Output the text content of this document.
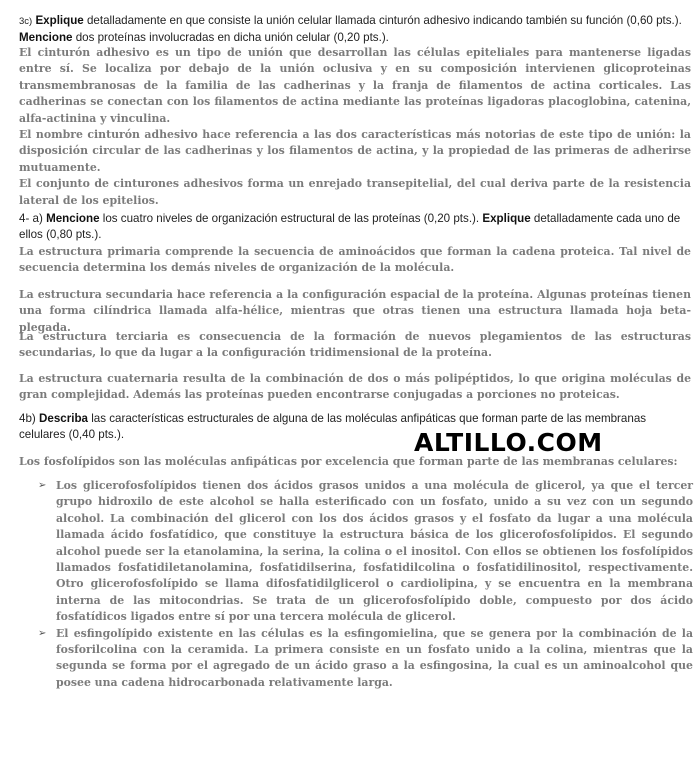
3c) Explique detalladamente en que consiste la unión celular llamada cinturón adhesivo indicando también su función (0,60 pts.). Mencione dos proteínas involucradas en dicha unión celular (0,20 pts.).

El cinturón adhesivo es un tipo de unión que desarrollan las células epiteliales para mantenerse ligadas entre sí. Se localiza por debajo de la unión oclusiva y en su composición intervienen glicoproteinas transmembranosas de la familia de las cadherinas y la franja de filamentos de actina corticales. Las cadherinas se conectan con los filamentos de actina mediante las proteínas ligadoras placoglobina, catenina, alfa-actinina y vinculina.

El nombre cinturón adhesivo hace referencia a las dos características más notorias de este tipo de unión: la disposición circular de las cadherinas y los filamentos de actina, y la propiedad de las primeras de adherirse mutuamente.

El conjunto de cinturones adhesivos forma un enrejado transepitelial, del cual deriva parte de la resistencia lateral de los epitelios.

4- a) Mencione los cuatro niveles de organización estructural de las proteínas (0,20 pts.). Explique detalladamente cada uno de ellos (0,80 pts.).

La estructura primaria comprende la secuencia de aminoácidos que forman la cadena proteica. Tal nivel de secuencia determina los demás niveles de organización de la molécula.

La estructura secundaria hace referencia a la configuración espacial de la proteína. Algunas proteínas tienen una forma cilíndrica llamada alfa-hélice, mientras que otras tienen una estructura llamada hoja beta-plegada.

La estructura terciaria es consecuencia de la formación de nuevos plegamientos de las estructuras secundarias, lo que da lugar a la configuración tridimensional de la proteína.

La estructura cuaternaria resulta de la combinación de dos o más polipéptidos, lo que origina moléculas de gran complejidad. Además las proteínas pueden encontrarse conjugadas a porciones no proteicas.

4b) Describa las características estructurales de alguna de las moléculas anfipáticas que forman parte de las membranas celulares (0,40 pts.).	ALTILLO.COM

Los fosfolípidos son las moléculas anfipáticas por excelencia que forman parte de las membranas celulares:

➢ Los glicerofosfolípidos tienen dos ácidos grasos unidos a una molécula de glicerol, ya que el tercer grupo hidroxilo de este alcohol se halla esterificado con un fosfato, unido a su vez con un segundo alcohol. La combinación del glicerol con los dos ácidos grasos y el fosfato da lugar a una molécula llamada ácido fosfatídico, que constituye la estructura básica de los glicerofosfolípidos. El segundo alcohol puede ser la etanolamina, la serina, la colina o el inositol. Con ellos se obtienen los fosfolípidos llamados fosfatidiletanolamina, fosfatidilserina, fosfatidilcolina o fosfatidilinositol, respectivamente. Otro glicerofosfolípido se llama difosfatidilglicerol o cardiolipina, y se encuentra en la membrana interna de las mitocondrias. Se trata de un glicerofosfolípido doble, compuesto por dos ácido fosfatídicos ligados entre sí por una tercera molécula de glicerol.
➢ El esfingolípido existente en las células es la esfingomielina, que se genera por la combinación de la fosforilcolina con la ceramida. La primera consiste en un fosfato unido a la colina, mientras que la segunda se forma por el agregado de un ácido graso a la esfingosina, la cual es un aminoalcohol que posee una cadena hidrocarbonada relativamente larga.
